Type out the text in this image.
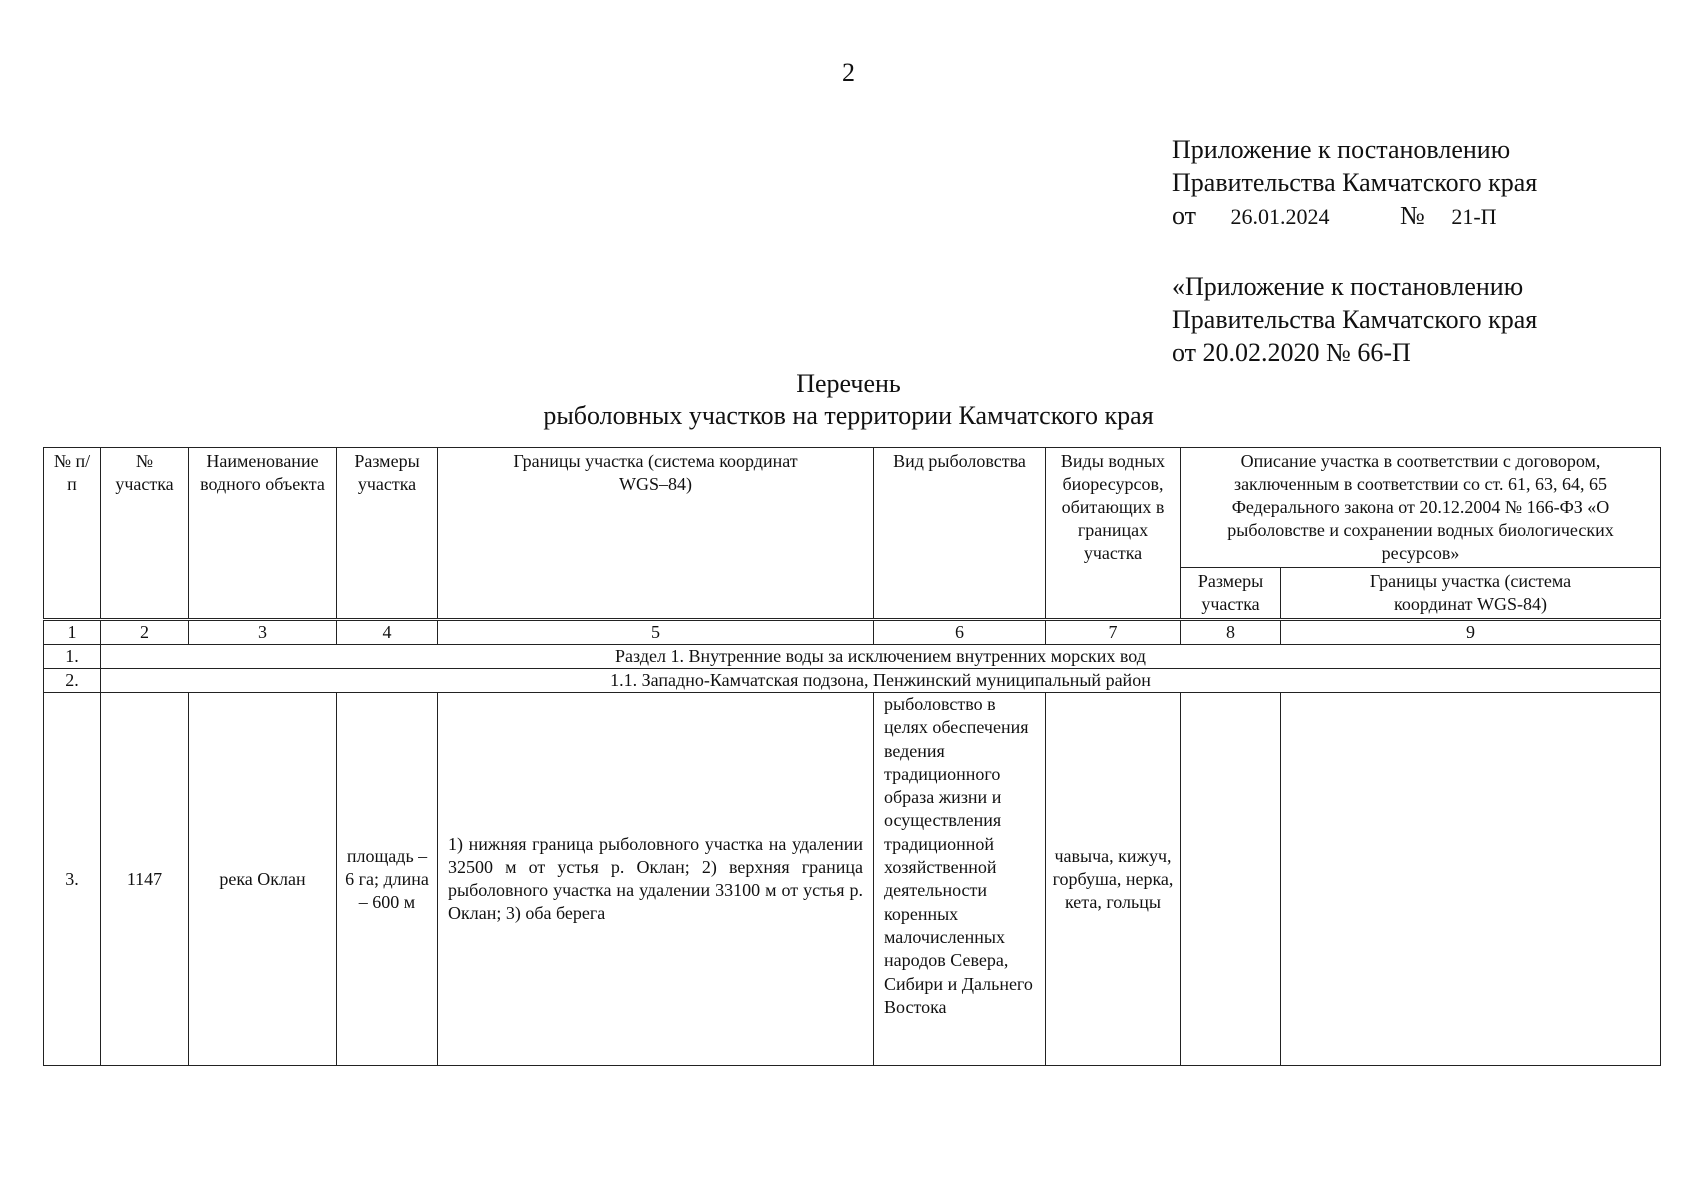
2
Приложение к постановлению
Правительства Камчатского края
от 26.01.2024	№ 21-П
«Приложение к постановлению
Правительства Камчатского края
от 20.02.2020 № 66-П
Перечень
рыболовных участков на территории Камчатского края
№ п/п	№ участка	Наименование водного объекта	Размеры участка	Границы участка (система координат WGS–84)	Вид рыболовства	Виды водных биоресурсов, обитающих в границах участка	Описание участка в соответствии с договором, заключенным в соответствии со ст. 61, 63, 64, 65 Федерального закона от 20.12.2004 № 166-ФЗ «О рыболовстве и сохранении водных биологических ресурсов»	
							Размеры участка	Границы участка (система координат WGS-84)
1	2	3	4	5	6	7	8	9
1.	Раздел 1. Внутренние воды за исключением внутренних морских вод							
2.	1.1. Западно-Камчатская подзона, Пенжинский муниципальный район							
3.	1147	река Оклан	площадь – 6 га; длина – 600 м	1) нижняя граница рыболовного участка на удалении 32500 м от устья р. Оклан; 2) верхняя граница рыболовного участка на удалении 33100 м от устья р. Оклан; 3) оба берега	рыболовство в целях обеспечения ведения традиционного образа жизни и осуществления традиционной хозяйственной деятельности коренных малочисленных народов Севера, Сибири и Дальнего Востока	чавыча, кижуч, горбуша, нерка, кета, гольцы		
